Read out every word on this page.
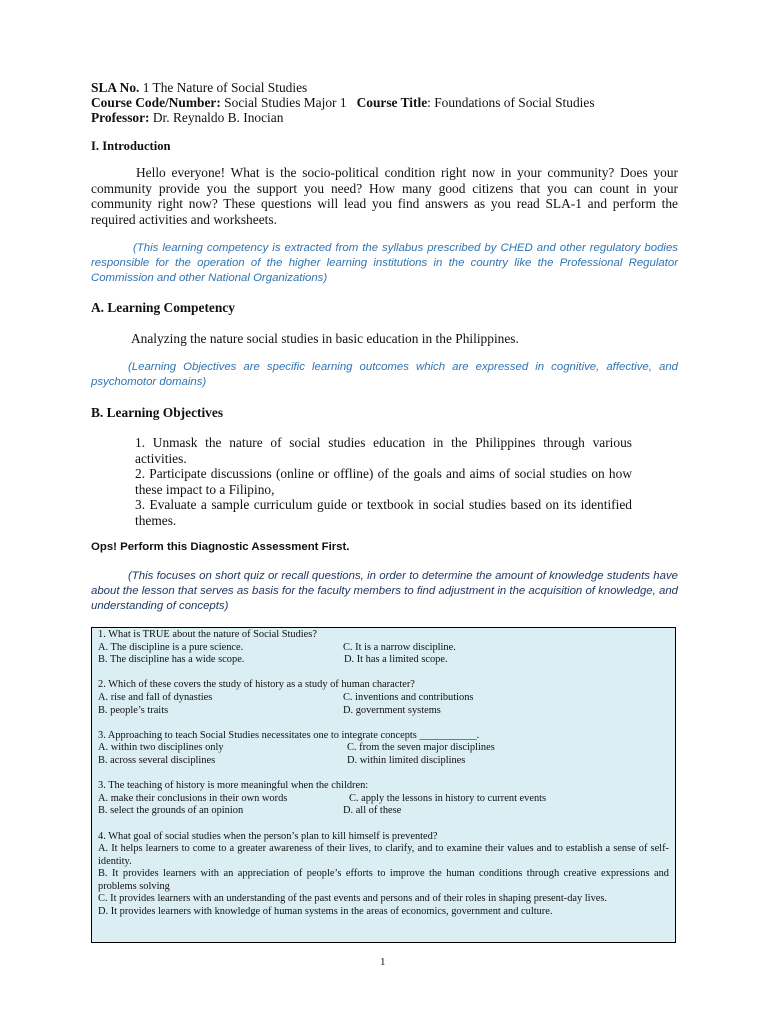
SLA No. 1 The Nature of Social Studies
Course Code/Number: Social Studies Major 1 Course Title: Foundations of Social Studies
Professor: Dr. Reynaldo B. Inocian
I. Introduction
Hello everyone! What is the socio-political condition right now in your community? Does your community provide you the support you need? How many good citizens that you can count in your community right now? These questions will lead you find answers as you read SLA-1 and perform the required activities and worksheets.
(This learning competency is extracted from the syllabus prescribed by CHED and other regulatory bodies responsible for the operation of the higher learning institutions in the country like the Professional Regulator Commission and other National Organizations)
A. Learning Competency
Analyzing the nature social studies in basic education in the Philippines.
(Learning Objectives are specific learning outcomes which are expressed in cognitive, affective, and psychomotor domains)
B. Learning Objectives
1. Unmask the nature of social studies education in the Philippines through various activities.
2. Participate discussions (online or offline) of the goals and aims of social studies on how these impact to a Filipino,
3. Evaluate a sample curriculum guide or textbook in social studies based on its identified themes.
Ops! Perform this Diagnostic Assessment First.
(This focuses on short quiz or recall questions, in order to determine the amount of knowledge students have about the lesson that serves as basis for the faculty members to find adjustment in the acquisition of knowledge, and understanding of concepts)
1. What is TRUE about the nature of Social Studies?
A. The discipline is a pure science.	C. It is a narrow discipline.
B. The discipline has a wide scope.	D. It has a limited scope.
2. Which of these covers the study of history as a study of human character?
A. rise and fall of dynasties	C. inventions and contributions
B. people’s traits	D. government systems
3. Approaching to teach Social Studies necessitates one to integrate concepts ___________.
A. within two disciplines only	C. from the seven major disciplines
B. across several disciplines	D. within limited disciplines
3. The teaching of history is more meaningful when the children:
A. make their conclusions in their own words	C. apply the lessons in history to current events
B. select the grounds of an opinion	D. all of these
4. What goal of social studies when the person’s plan to kill himself is prevented?
A. It helps learners to come to a greater awareness of their lives, to clarify, and to examine their values and to establish a sense of self-identity.
B. It provides learners with an appreciation of people’s efforts to improve the human conditions through creative expressions and problems solving
C. It provides learners with an understanding of the past events and persons and of their roles in shaping present-day lives.
D. It provides learners with knowledge of human systems in the areas of economics, government and culture.
1
